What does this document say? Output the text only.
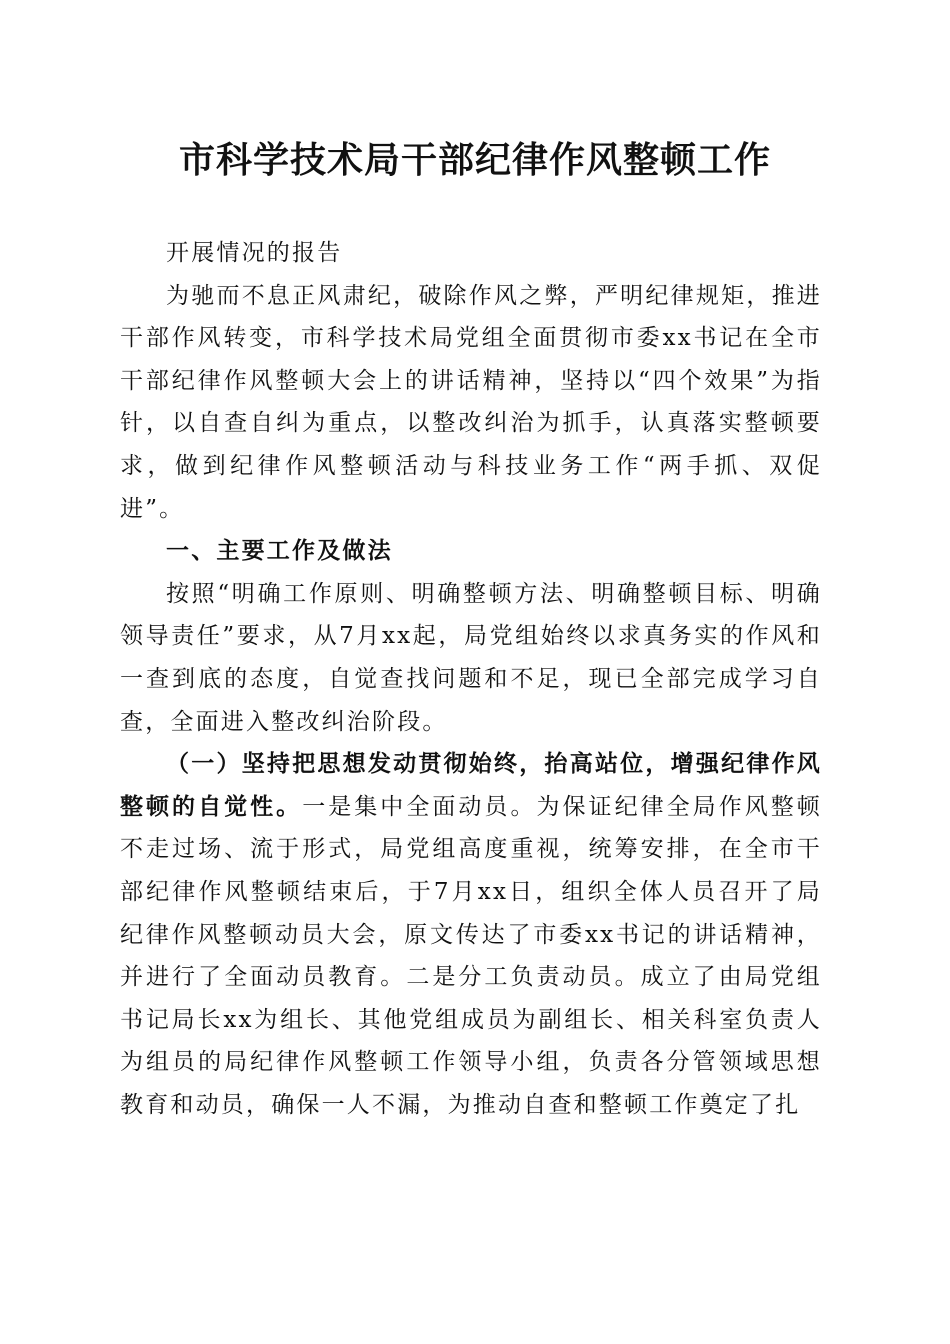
市科学技术局干部纪律作风整顿工作

开展情况的报告

为驰而不息正风肃纪，破除作风之弊，严明纪律规矩，推进干部作风转变，市科学技术局党组全面贯彻市委xx书记在全市干部纪律作风整顿大会上的讲话精神，坚持以“四个效果”为指针，以自查自纠为重点，以整改纠治为抓手，认真落实整顿要求，做到纪律作风整顿活动与科技业务工作“两手抓、双促进”。

一、主要工作及做法

按照“明确工作原则、明确整顿方法、明确整顿目标、明确领导责任”要求，从7月xx起，局党组始终以求真务实的作风和一查到底的态度，自觉查找问题和不足，现已全部完成学习自查，全面进入整改纠治阶段。

（一）坚持把思想发动贯彻始终，抬高站位，增强纪律作风整顿的自觉性。一是集中全面动员。为保证纪律全局作风整顿不走过场、流于形式，局党组高度重视，统筹安排，在全市干部纪律作风整顿结束后，于7月xx日，组织全体人员召开了局纪律作风整顿动员大会，原文传达了市委xx书记的讲话精神，并进行了全面动员教育。二是分工负责动员。成立了由局党组书记局长xx为组长、其他党组成员为副组长、相关科室负责人为组员的局纪律作风整顿工作领导小组，负责各分管领域思想教育和动员，确保一人不漏，为推动自查和整顿工作奠定了扎
